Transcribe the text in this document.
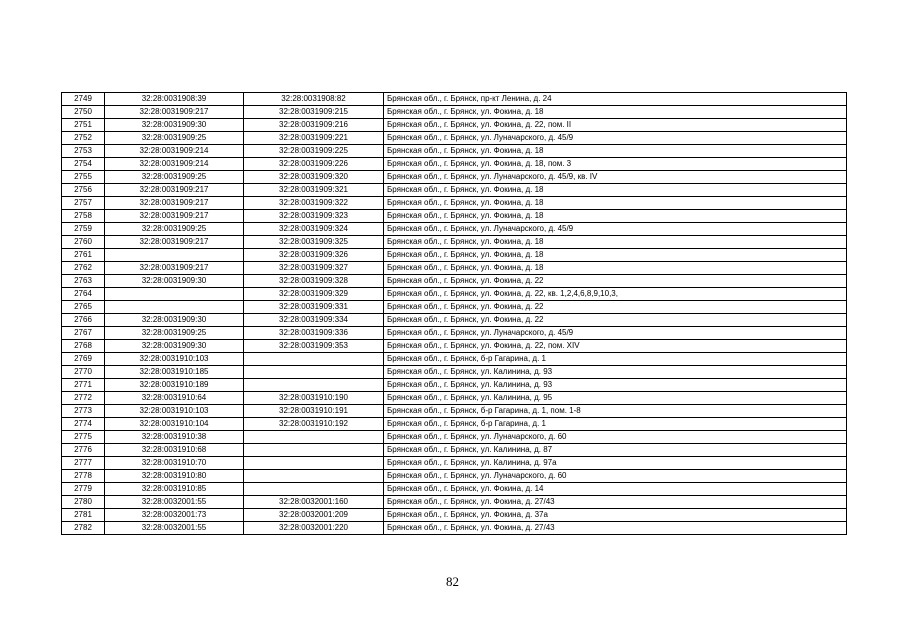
2749	32:28:0031908:39	32:28:0031908:82	Брянская обл., г. Брянск, пр-кт Ленина, д. 24
2750	32:28:0031909:217	32:28:0031909:215	Брянская обл., г. Брянск, ул. Фокина, д. 18
2751	32:28:0031909:30	32:28:0031909:216	Брянская обл., г. Брянск, ул. Фокина, д. 22, пом. II
2752	32:28:0031909:25	32:28:0031909:221	Брянская обл., г. Брянск, ул. Луначарского, д. 45/9
2753	32:28:0031909:214	32:28:0031909:225	Брянская обл., г. Брянск, ул. Фокина, д. 18
2754	32:28:0031909:214	32:28:0031909:226	Брянская обл., г. Брянск, ул. Фокина, д. 18, пом. 3
2755	32:28:0031909:25	32:28:0031909:320	Брянская обл., г. Брянск, ул. Луначарского, д. 45/9, кв. IV
2756	32:28:0031909:217	32:28:0031909:321	Брянская обл., г. Брянск, ул. Фокина, д. 18
2757	32:28:0031909:217	32:28:0031909:322	Брянская обл., г. Брянск, ул. Фокина, д. 18
2758	32:28:0031909:217	32:28:0031909:323	Брянская обл., г. Брянск, ул. Фокина, д. 18
2759	32:28:0031909:25	32:28:0031909:324	Брянская обл., г. Брянск, ул. Луначарского, д. 45/9
2760	32:28:0031909:217	32:28:0031909:325	Брянская обл., г. Брянск, ул. Фокина, д. 18
2761		32:28:0031909:326	Брянская обл., г. Брянск, ул. Фокина, д. 18
2762	32:28:0031909:217	32:28:0031909:327	Брянская обл., г. Брянск, ул. Фокина, д. 18
2763	32:28:0031909:30	32:28:0031909:328	Брянская обл., г. Брянск, ул. Фокина, д. 22
2764		32:28:0031909:329	Брянская обл., г. Брянск, ул. Фокина, д. 22, кв. 1,2,4,6,8,9,10,3,
2765		32:28:0031909:331	Брянская обл., г. Брянск, ул. Фокина, д. 22
2766	32:28:0031909:30	32:28:0031909:334	Брянская обл., г. Брянск, ул. Фокина, д. 22
2767	32:28:0031909:25	32:28:0031909:336	Брянская обл., г. Брянск, ул. Луначарского, д. 45/9
2768	32:28:0031909:30	32:28:0031909:353	Брянская обл., г. Брянск, ул. Фокина, д. 22, пом. XIV
2769	32:28:0031910:103		Брянская обл., г. Брянск, б-р Гагарина, д. 1
2770	32:28:0031910:185		Брянская обл., г. Брянск, ул. Калинина, д. 93
2771	32:28:0031910:189		Брянская обл., г. Брянск, ул. Калинина, д. 93
2772	32:28:0031910:64	32:28:0031910:190	Брянская обл., г. Брянск, ул. Калинина, д. 95
2773	32:28:0031910:103	32:28:0031910:191	Брянская обл., г. Брянск, б-р Гагарина, д. 1, пом. 1-8
2774	32:28:0031910:104	32:28:0031910:192	Брянская обл., г. Брянск, б-р Гагарина, д. 1
2775	32:28:0031910:38		Брянская обл., г. Брянск, ул. Луначарского, д. 60
2776	32:28:0031910:68		Брянская обл., г. Брянск, ул. Калинина, д. 87
2777	32:28:0031910:70		Брянская обл., г. Брянск, ул. Калинина, д. 97а
2778	32:28:0031910:80		Брянская обл., г. Брянск, ул. Луначарского, д. 60
2779	32:28:0031910:85		Брянская обл., г. Брянск, ул. Фокина, д. 14
2780	32:28:0032001:55	32:28:0032001:160	Брянская обл., г. Брянск, ул. Фокина, д. 27/43
2781	32:28:0032001:73	32:28:0032001:209	Брянская обл., г. Брянск, ул. Фокина, д. 37а
2782	32:28:0032001:55	32:28:0032001:220	Брянская обл., г. Брянск, ул. Фокина, д. 27/43
82
